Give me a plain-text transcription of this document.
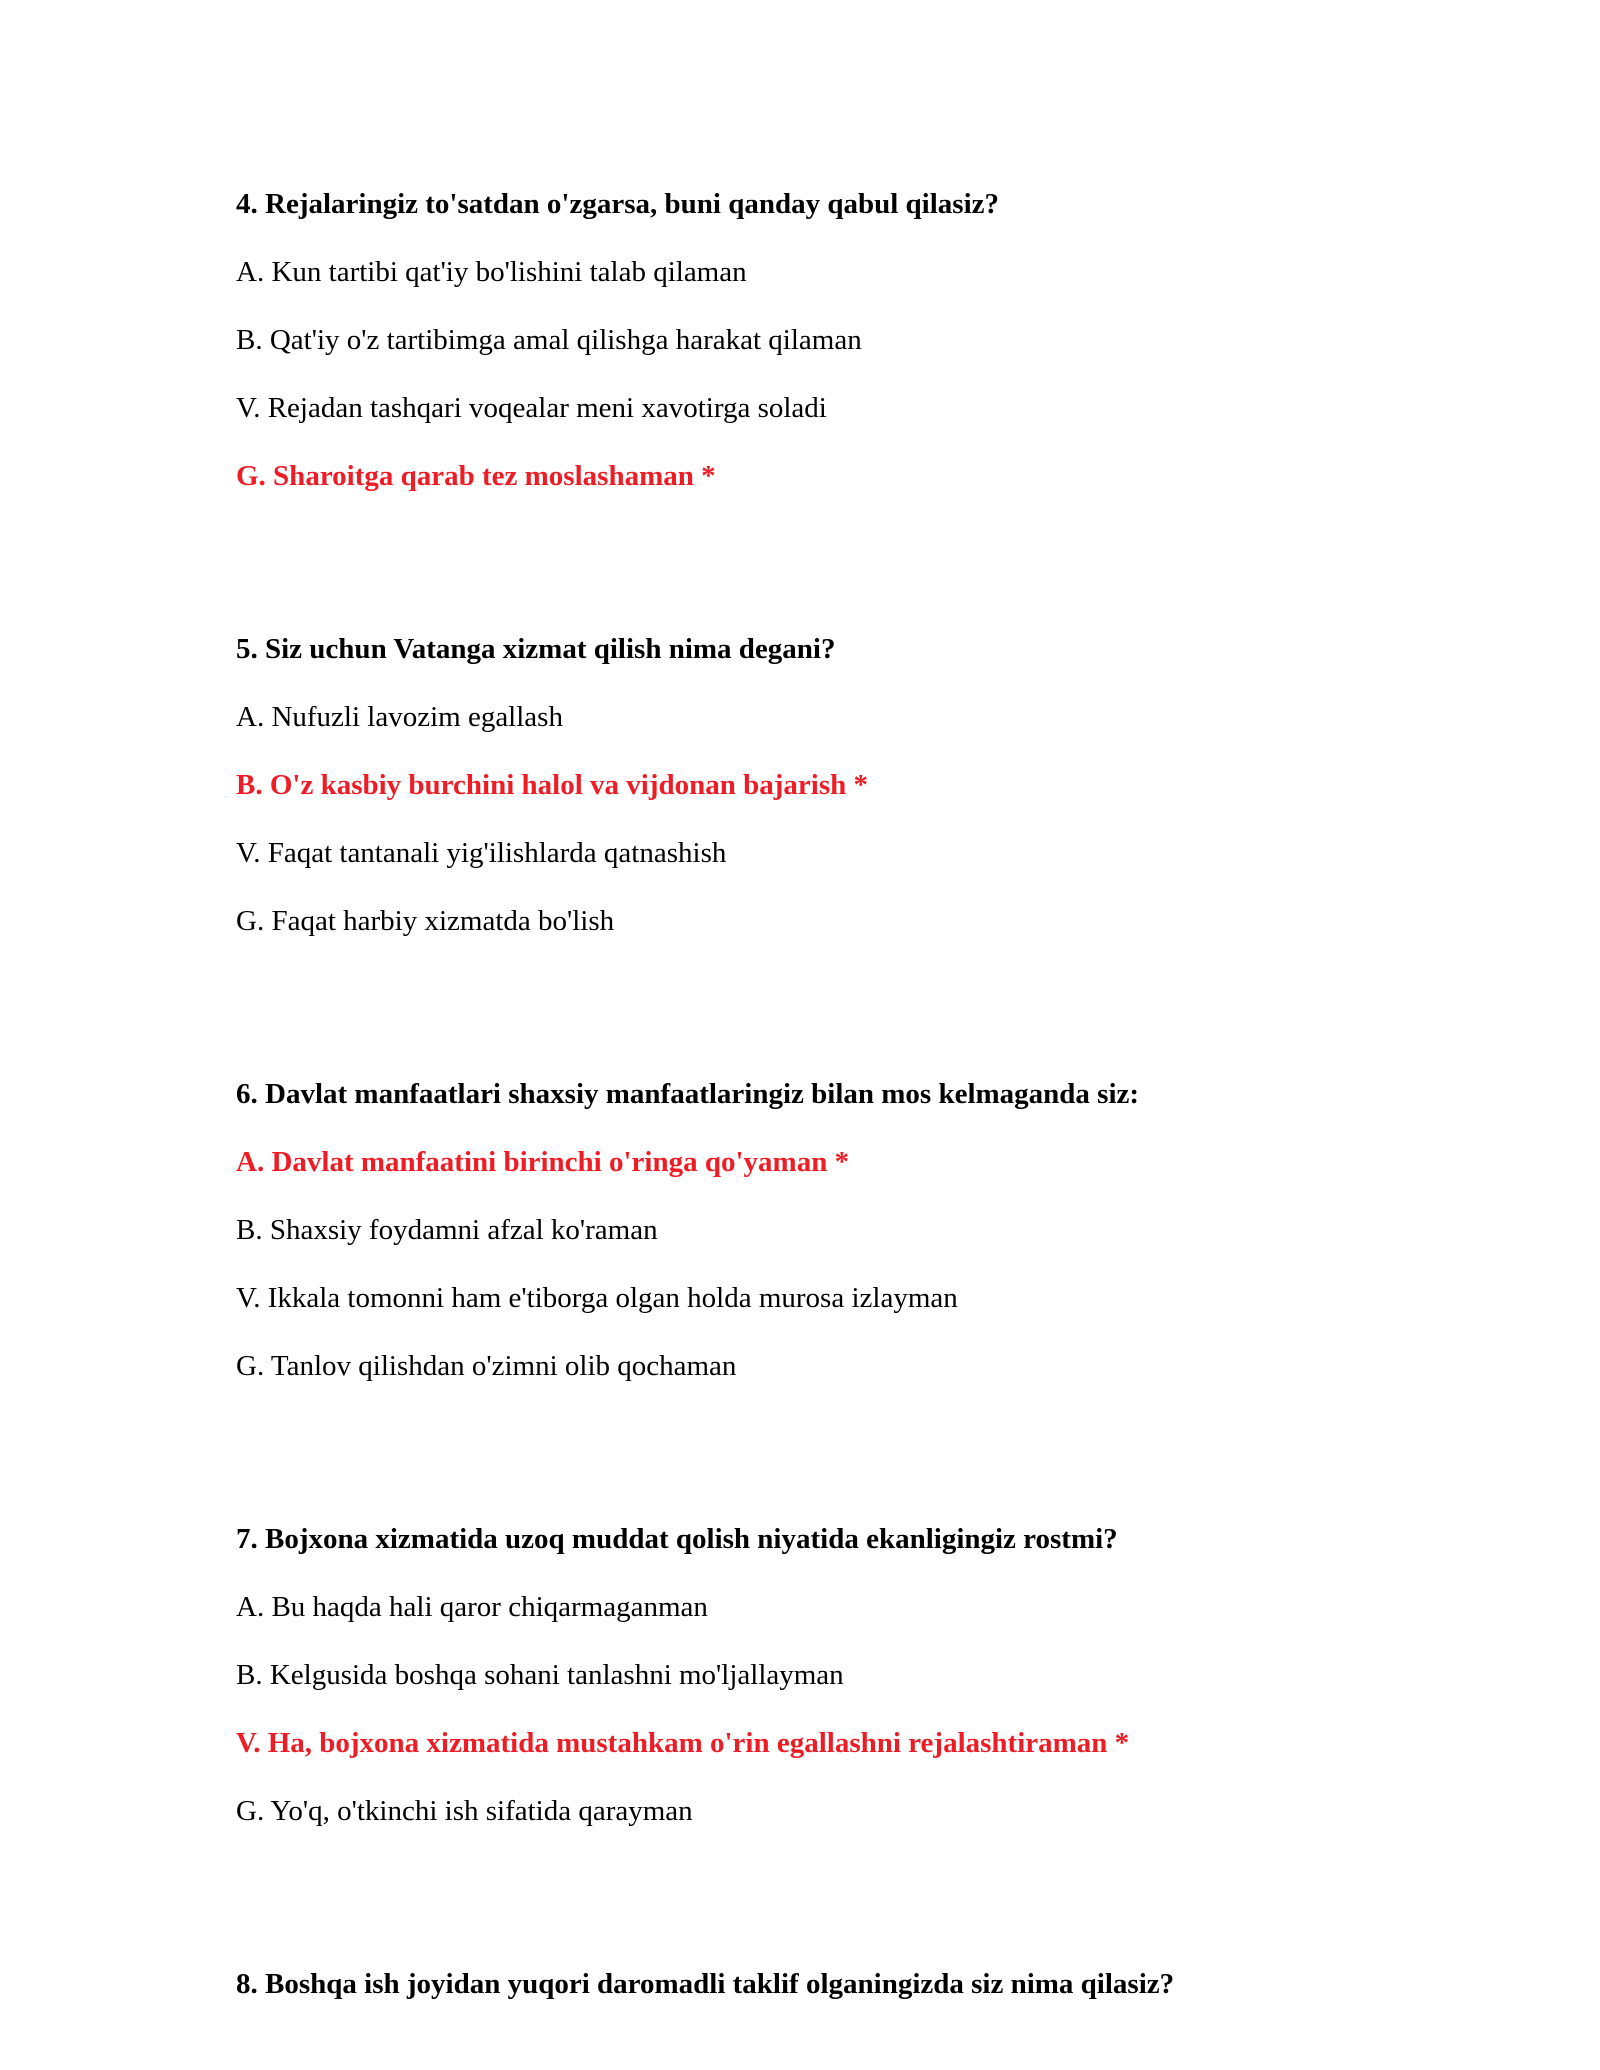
4. Rejalaringiz to'satdan o'zgarsa, buni qanday qabul qilasiz?
A. Kun tartibi qat'iy bo'lishini talab qilaman
B. Qat'iy o'z tartibimga amal qilishga harakat qilaman
V. Rejadan tashqari voqealar meni xavotirga soladi
G. Sharoitga qarab tez moslashaman *
5. Siz uchun Vatanga xizmat qilish nima degani?
A. Nufuzli lavozim egallash
B. O'z kasbiy burchini halol va vijdonan bajarish *
V. Faqat tantanali yig'ilishlarda qatnashish
G. Faqat harbiy xizmatda bo'lish
6. Davlat manfaatlari shaxsiy manfaatlaringiz bilan mos kelmaganda siz:
A. Davlat manfaatini birinchi o'ringa qo'yaman *
B. Shaxsiy foydamni afzal ko'raman
V. Ikkala tomonni ham e'tiborga olgan holda murosa izlayman
G. Tanlov qilishdan o'zimni olib qochaman
7. Bojxona xizmatida uzoq muddat qolish niyatida ekanligingiz rostmi?
A. Bu haqda hali qaror chiqarmaganman
B. Kelgusida boshqa sohani tanlashni mo'ljallayman
V. Ha, bojxona xizmatida mustahkam o'rin egallashni rejalashtiraman *
G. Yo'q, o'tkinchi ish sifatida qarayman
8. Boshqa ish joyidan yuqori daromadli taklif olganingizda siz nima qilasiz?
